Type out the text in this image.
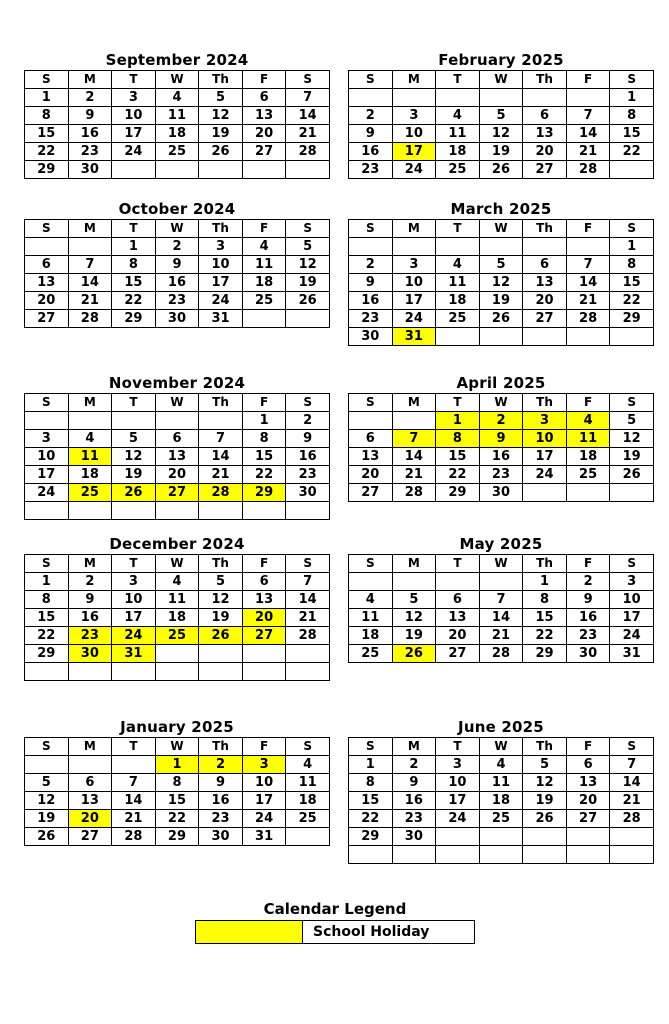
September 2024
S	M	T	W	Th	F	S
1	2	3	4	5	6	7
8	9	10	11	12	13	14
15	16	17	18	19	20	21
22	23	24	25	26	27	28
29	30					
October 2024
S	M	T	W	Th	F	S
		1	2	3	4	5
6	7	8	9	10	11	12
13	14	15	16	17	18	19
20	21	22	23	24	25	26
27	28	29	30	31		
November 2024
S	M	T	W	Th	F	S
					1	2
3	4	5	6	7	8	9
10	11	12	13	14	15	16
17	18	19	20	21	22	23
24	25	26	27	28	29	30

December 2024
S	M	T	W	Th	F	S
1	2	3	4	5	6	7
8	9	10	11	12	13	14
15	16	17	18	19	20	21
22	23	24	25	26	27	28
29	30	31				

January 2025
S	M	T	W	Th	F	S
			1	2	3	4
5	6	7	8	9	10	11
12	13	14	15	16	17	18
19	20	21	22	23	24	25
26	27	28	29	30	31	
February 2025
S	M	T	W	Th	F	S
						1
2	3	4	5	6	7	8
9	10	11	12	13	14	15
16	17	18	19	20	21	22
23	24	25	26	27	28	
March 2025
S	M	T	W	Th	F	S
						1
2	3	4	5	6	7	8
9	10	11	12	13	14	15
16	17	18	19	20	21	22
23	24	25	26	27	28	29
30	31					
April 2025
S	M	T	W	Th	F	S
		1	2	3	4	5
6	7	8	9	10	11	12
13	14	15	16	17	18	19
20	21	22	23	24	25	26
27	28	29	30			
May 2025
S	M	T	W	Th	F	S
				1	2	3
4	5	6	7	8	9	10
11	12	13	14	15	16	17
18	19	20	21	22	23	24
25	26	27	28	29	30	31
June 2025
S	M	T	W	Th	F	S
1	2	3	4	5	6	7
8	9	10	11	12	13	14
15	16	17	18	19	20	21
22	23	24	25	26	27	28
29	30					

Calendar Legend
School Holiday
